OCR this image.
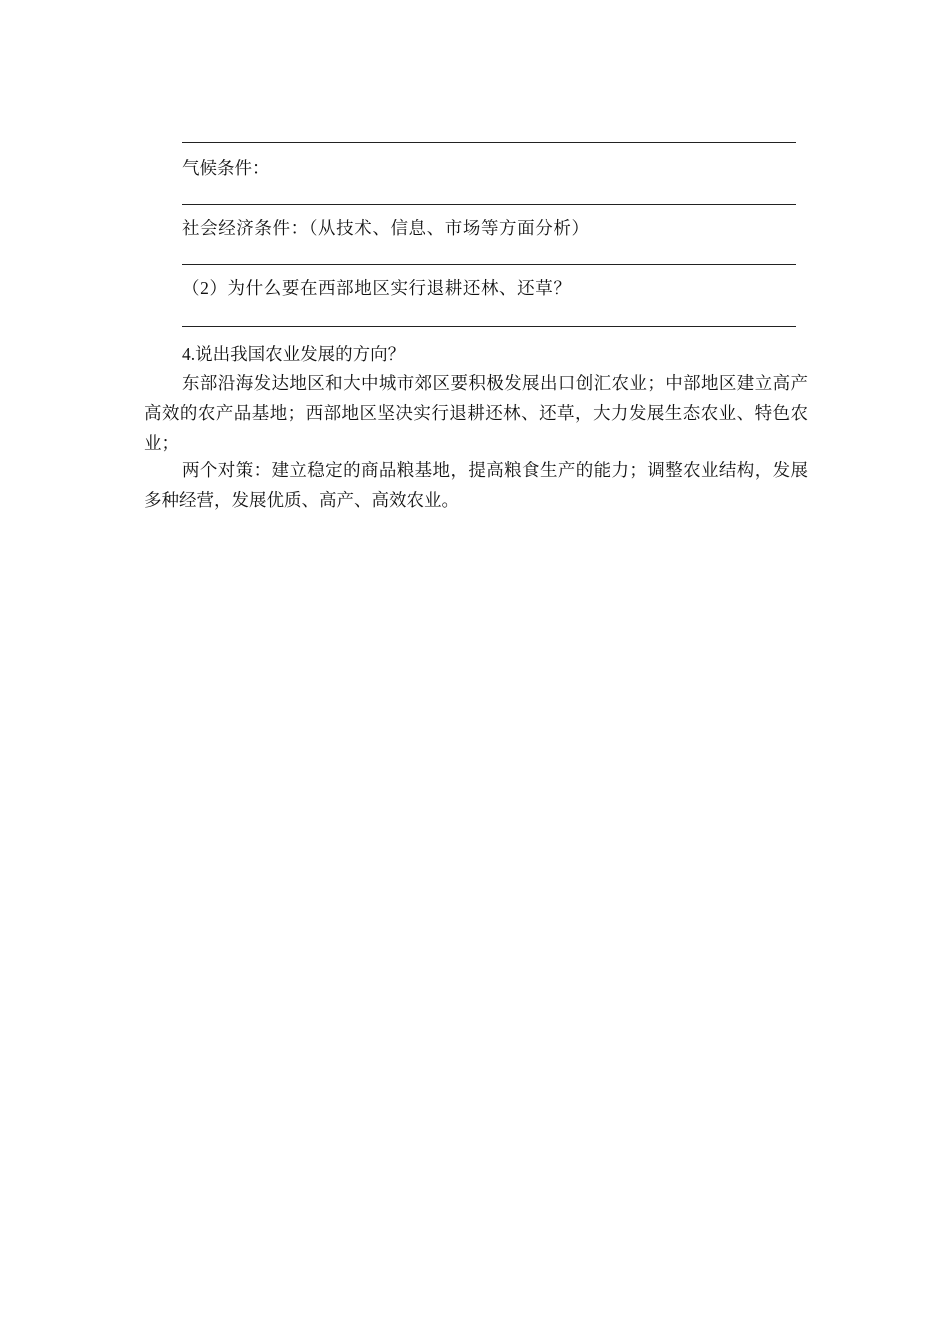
气候条件：
社会经济条件：（从技术、信息、市场等方面分析）
（2）为什么要在西部地区实行退耕还林、还草？
4.说出我国农业发展的方向？

东部沿海发达地区和大中城市郊区要积极发展出口创汇农业；中部地区建立高产高效的农产品基地；西部地区坚决实行退耕还林、还草，大力发展生态农业、特色农业；

两个对策：建立稳定的商品粮基地，提高粮食生产的能力；调整农业结构，发展多种经营，发展优质、高产、高效农业。
